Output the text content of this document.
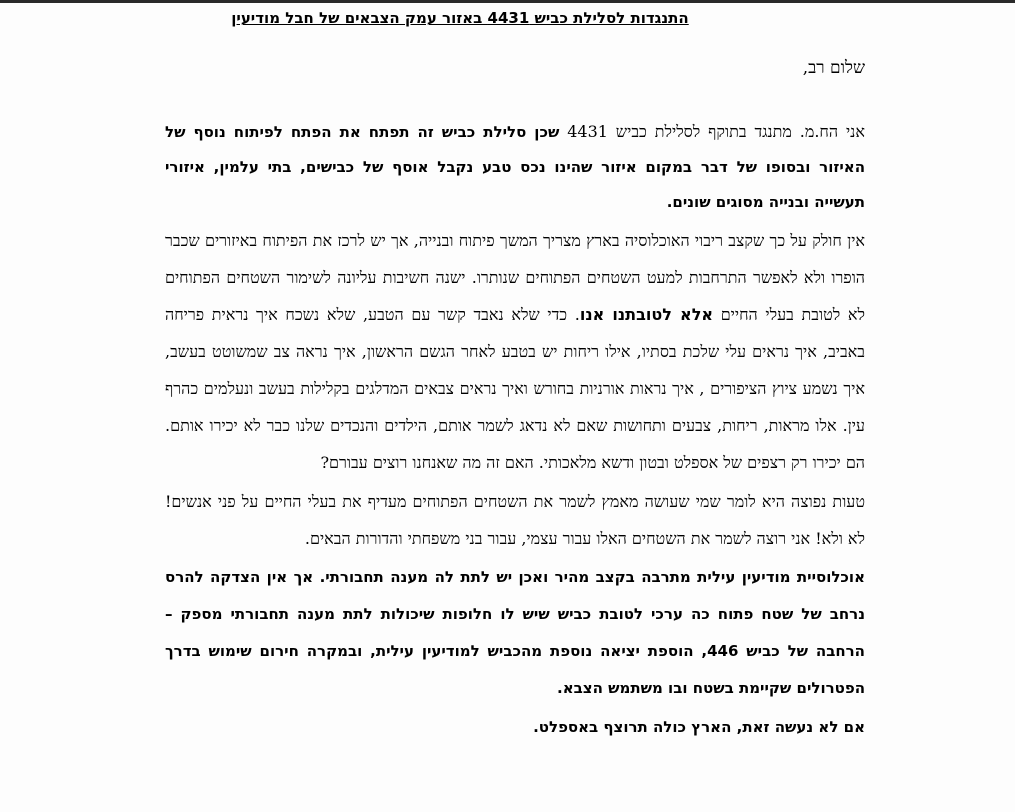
התנגדות לסלילת כביש 4431 באזור עמק הצבאים של חבל מודיעין
שלום רב,

אני הח.מ. מתנגד בתוקף לסלילת כביש 4431 שכן סלילת כביש זה תפתח את הפתח לפיתוח נוסף של האיזור ובסופו של דבר במקום איזור שהינו נכס טבע נקבל אוסף של כבישים, בתי עלמין, איזורי תעשייה ובנייה מסוגים שונים.

אין חולק על כך שקצב ריבוי האוכלוסיה בארץ מצריך המשך פיתוח ובנייה, אך יש לרכז את הפיתוח באיזורים שכבר הופרו ולא לאפשר התרחבות למעט השטחים הפתוחים שנותרו. ישנה חשיבות עליונה לשימור השטחים הפתוחים לא לטובת בעלי החיים אלא לטובתנו אנו. כדי שלא נאבד קשר עם הטבע, שלא נשכח איך נראית פריחה באביב, איך נראים עלי שלכת בסתיו, אילו ריחות יש בטבע לאחר הגשם הראשון, איך נראה צב שמשוטט בעשב, איך נשמע ציוץ הציפורים , איך נראות אורניות בחורש ואיך נראים צבאים המדלגים בקלילות בעשב ונעלמים כהרף עין. אלו מראות, ריחות, צבעים ותחושות שאם לא נדאג לשמר אותם, הילדים והנכדים שלנו כבר לא יכירו אותם. הם יכירו רק רצפים של אספלט ובטון ודשא מלאכותי. האם זה מה שאנחנו רוצים עבורם?

טעות נפוצה היא לומר שמי שעושה מאמץ לשמר את השטחים הפתוחים מעדיף את בעלי החיים על פני אנשים! לא ולא! אני רוצה לשמר את השטחים האלו עבור עצמי, עבור בני משפחתי והדורות הבאים.

אוכלוסיית מודיעין עילית מתרבה בקצב מהיר ואכן יש לתת לה מענה תחבורתי. אך אין הצדקה להרס נרחב של שטח פתוח כה ערכי לטובת כביש שיש לו חלופות שיכולות לתת מענה תחבורתי מספק – הרחבה של כביש 446, הוספת יציאה נוספת מהכביש למודיעין עילית, ובמקרה חירום שימוש בדרך הפטרולים שקיימת בשטח ובו משתמש הצבא.

אם לא נעשה זאת, הארץ כולה תרוצף באספלט.
